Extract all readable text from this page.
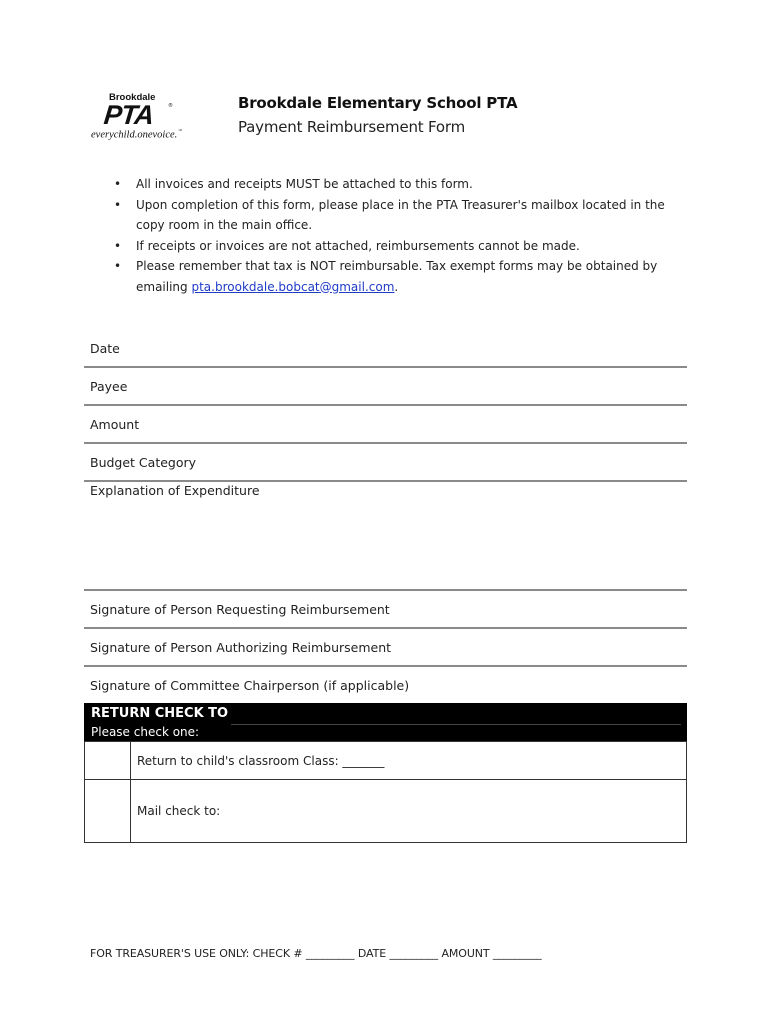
Brookdale
PTA	®
everychild.onevoice.℠
Brookdale Elementary School PTA
Payment Reimbursement Form
• All invoices and receipts MUST be attached to this form.
• Upon completion of this form, please place in the PTA Treasurer's mailbox located in the copy room in the main office.
• If receipts or invoices are not attached, reimbursements cannot be made.
• Please remember that tax is NOT reimbursable. Tax exempt forms may be obtained by emailing pta.brookdale.bobcat@gmail.com.
Date
Payee
Amount
Budget Category
Explanation of Expenditure
Signature of Person Requesting Reimbursement
Signature of Person Authorizing Reimbursement
Signature of Committee Chairperson (if applicable)
RETURN CHECK TO
Please check one:
Return to child's classroom Class: _______
Mail check to:
FOR TREASURER'S USE ONLY: CHECK # _________ DATE _________ AMOUNT _________
